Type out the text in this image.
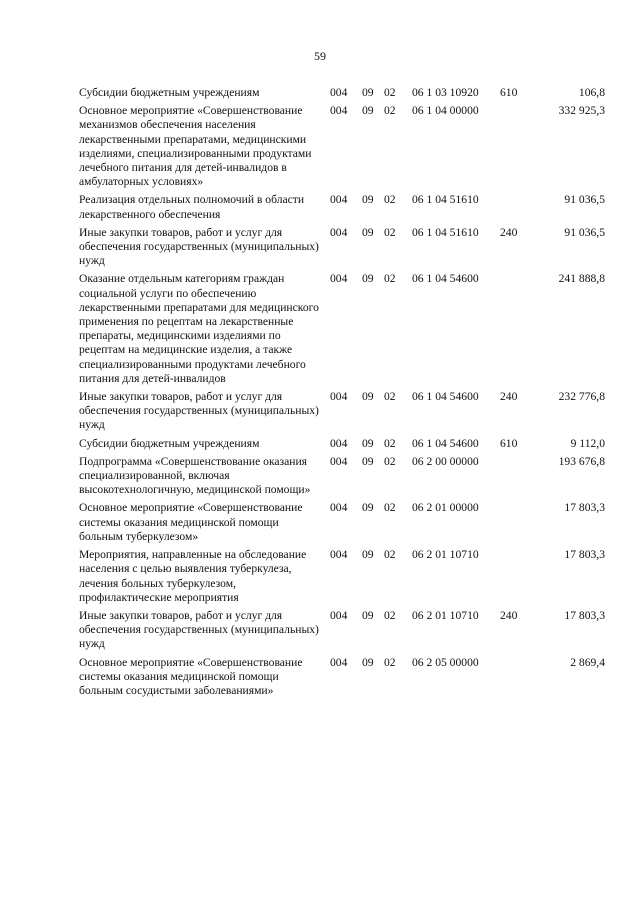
59
Субсидии бюджетным учреждениям	004	09 02	06 1 03 10920	610	106,8
Основное мероприятие «Совершенствование механизмов обеспечения населения лекарственными препаратами, медицинскими изделиями, специализированными продуктами лечебного питания для детей-инвалидов в амбулаторных условиях»
004	09 02	06 1 04 00000	332 925,3
Реализация отдельных полномочий в области лекарственного обеспечения
004	09 02	06 1 04 51610	91 036,5
Иные закупки товаров, работ и услуг для обеспечения государственных (муниципальных) нужд
004	09 02	06 1 04 51610	240	91 036,5
Оказание отдельным категориям граждан социальной услуги по обеспечению лекарственными препаратами для медицинского применения по рецептам на лекарственные препараты, медицинскими изделиями по рецептам на медицинские изделия, а также специализированными продуктами лечебного питания для детей-инвалидов
004	09 02	06 1 04 54600	241 888,8
Иные закупки товаров, работ и услуг для обеспечения государственных (муниципальных) нужд
004	09 02	06 1 04 54600	240	232 776,8
Субсидии бюджетным учреждениям	004	09 02	06 1 04 54600	610	9 112,0
Подпрограмма «Совершенствование оказания специализированной, включая высокотехнологичную, медицинской помощи»
004	09 02	06 2 00 00000	193 676,8
Основное мероприятие «Совершенствование системы оказания медицинской помощи больным туберкулезом»
004	09 02	06 2 01 00000	17 803,3
Мероприятия, направленные на обследование населения с целью выявления туберкулеза, лечения больных туберкулезом, профилактические мероприятия
004	09 02	06 2 01 10710	17 803,3
Иные закупки товаров, работ и услуг для обеспечения государственных (муниципальных) нужд
004	09 02	06 2 01 10710	240	17 803,3
Основное мероприятие «Совершенствование системы оказания медицинской помощи больным сосудистыми заболеваниями»
004	09 02	06 2 05 00000	2 869,4
